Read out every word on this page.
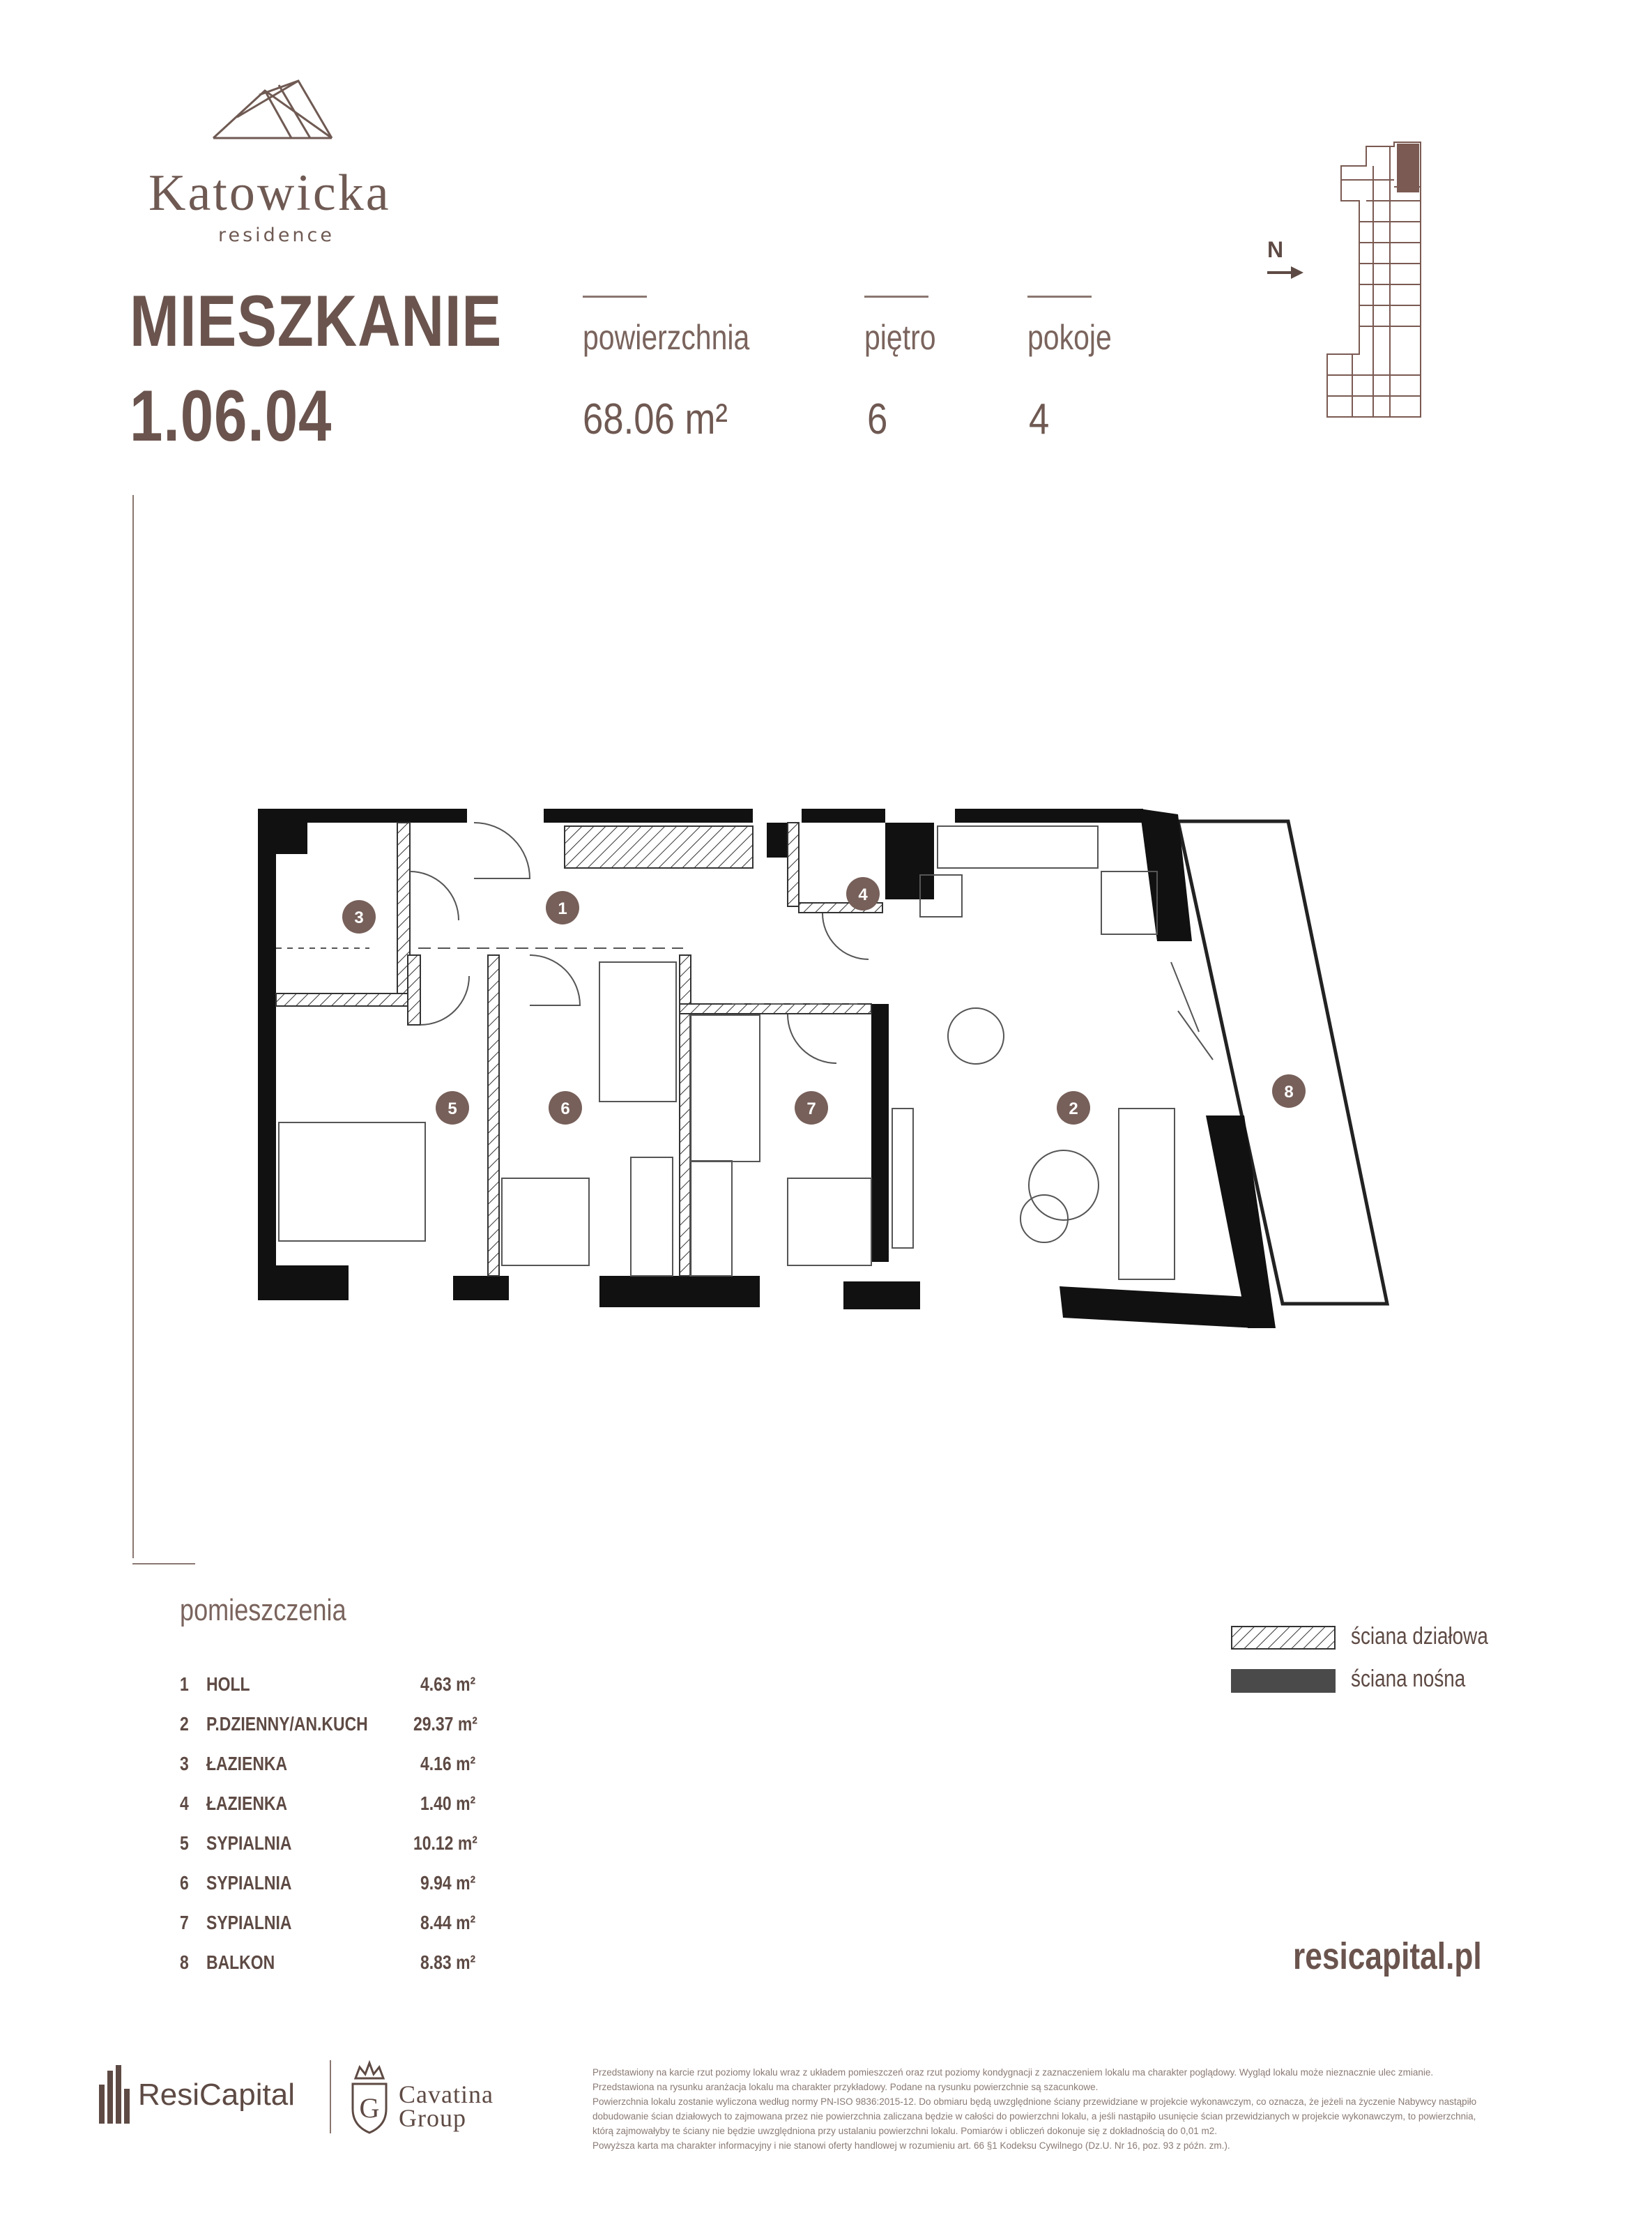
Katowicka
residence
MIESZKANIE
1.06.04
powierzchnia
68.06 m²
piętro
6
pokoje
4
N
1
2
3
4
5	6	7
8
pomieszczenia
1 HOLL	4.63 m²
2 P.DZIENNY/AN.KUCH 29.37 m²
3 ŁAZIENKA	4.16 m²
4 ŁAZIENKA	1.40 m²
5 SYPIALNIA	10.12 m²
6 SYPIALNIA	9.94 m²
7 SYPIALNIA	8.44 m²
8 BALKON	8.83 m²
ściana działowa
ściana nośna
resicapital.pl
ResiCapital G Cavatina
Group
Przedstawiony na karcie rzut poziomy lokalu wraz z układem pomieszczeń oraz rzut poziomy kondygnacji z zaznaczeniem lokalu ma charakter poglądowy. Wygląd lokalu może nieznacznie ulec zmianie.
Przedstawiona na rysunku aranżacja lokalu ma charakter przykładowy. Podane na rysunku powierzchnie są szacunkowe.
Powierzchnia lokalu zostanie wyliczona według normy PN-ISO 9836:2015-12. Do obmiaru będą uwzględnione ściany przewidziane w projekcie wykonawczym, co oznacza, że jeżeli na życzenie Nabywcy nastąpiło dobudowanie ścian działowych to zajmowana przez nie powierzchnia zaliczana będzie w całości do powierzchni lokalu, a jeśli nastąpiło usunięcie ścian przewidzianych w projekcie wykonawczym, to powierzchnia, którą zajmowałyby te ściany nie będzie uwzględniona przy ustalaniu powierzchni lokalu. Pomiarów i obliczeń dokonuje się z dokładnością do 0,01 m2.
Powyższa karta ma charakter informacyjny i nie stanowi oferty handlowej w rozumieniu art. 66 §1 Kodeksu Cywilnego (Dz.U. Nr 16, poz. 93 z późn. zm.).
